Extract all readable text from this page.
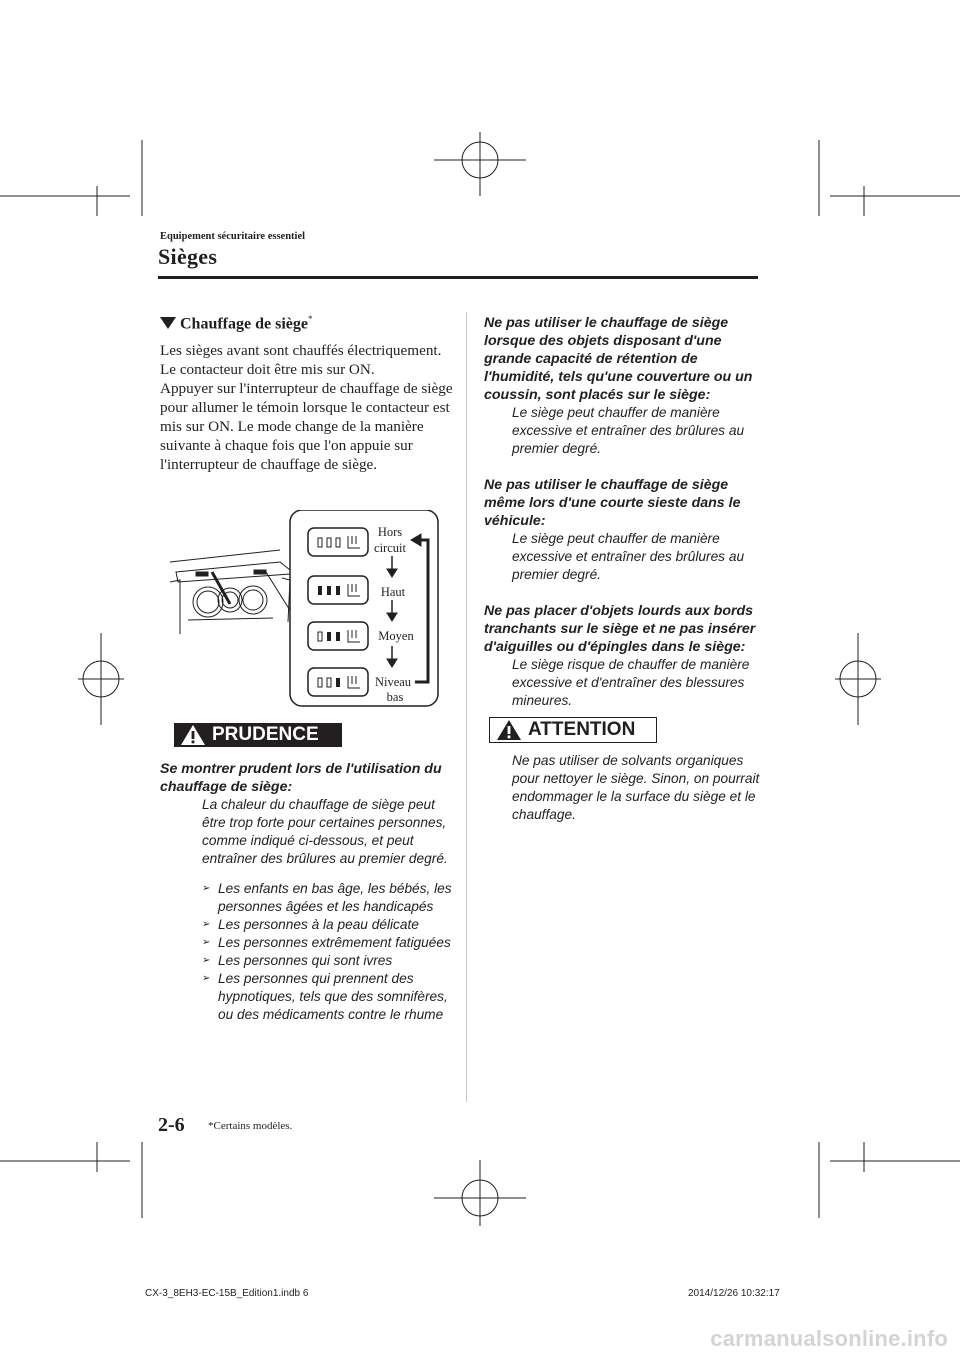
Equipement sécuritaire essentiel
Sièges
Chauffage de siège*

Les sièges avant sont chauffés électriquement. Le contacteur doit être mis sur ON.

Appuyer sur l'interrupteur de chauffage de siège pour allumer le témoin lorsque le contacteur est mis sur ON. Le mode change de la manière suivante à chaque fois que l'on appuie sur l'interrupteur de chauffage de siège.

Hors
circuit
Haut
Moyen
Niveau
bas
PRUDENCE

Se montrer prudent lors de l'utilisation du chauffage de siège:

La chaleur du chauffage de siège peut être trop forte pour certaines personnes, comme indiqué ci-dessous, et peut entraîner des brûlures au premier degré.

➢ Les enfants en bas âge, les bébés, les personnes âgées et les handicapés
➢ Les personnes à la peau délicate
➢ Les personnes extrêmement fatiguées
➢ Les personnes qui sont ivres
➢ Les personnes qui prennent des hypnotiques, tels que des somnifères, ou des médicaments contre le rhume

Ne pas utiliser le chauffage de siège lorsque des objets disposant d'une grande capacité de rétention de l'humidité, tels qu'une couverture ou un coussin, sont placés sur le siège:

Le siège peut chauffer de manière excessive et entraîner des brûlures au premier degré.

Ne pas utiliser le chauffage de siège même lors d'une courte sieste dans le véhicule:

Le siège peut chauffer de manière excessive et entraîner des brûlures au premier degré.

Ne pas placer d'objets lourds aux bords tranchants sur le siège et ne pas insérer d'aiguilles ou d'épingles dans le siège:

Le siège risque de chauffer de manière excessive et d'entraîner des blessures mineures.

ATTENTION
Ne pas utiliser de solvants organiques pour nettoyer le siège. Sinon, on pourrait endommager le la surface du siège et le chauffage.
2-6 *Certains modèles.
CX-3_8EH3-EC-15B_Edition1.indb 6	2014/12/26 10:32:17
carmanualsonline.info
